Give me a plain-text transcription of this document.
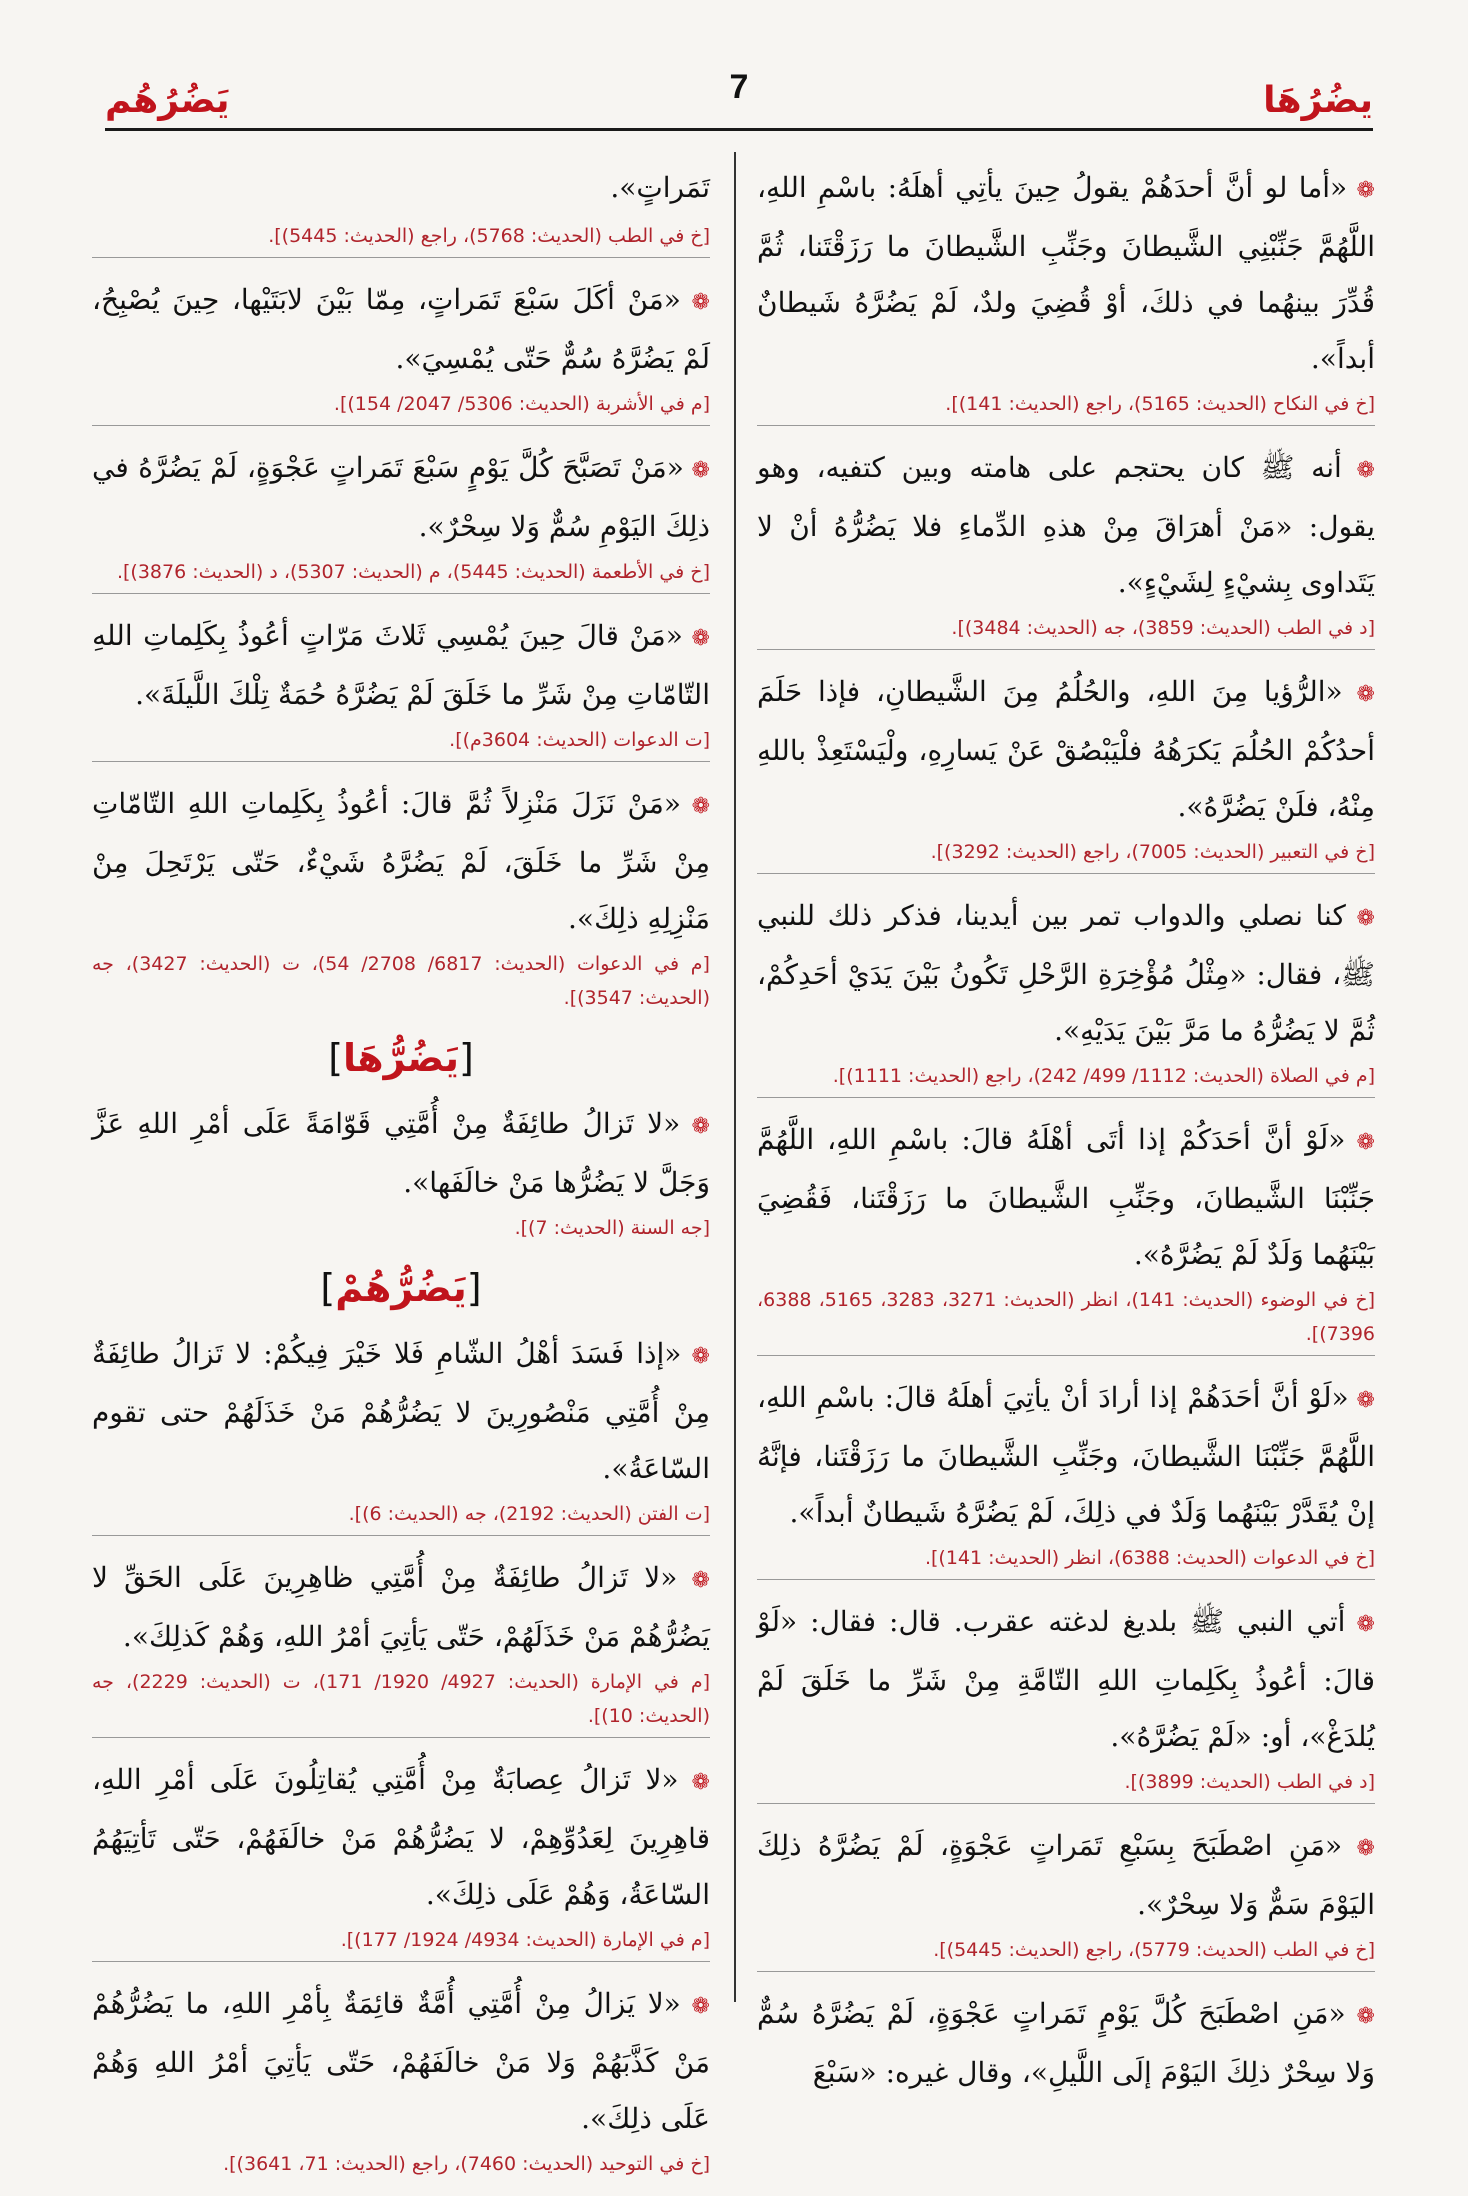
يضُرُهَا
7
يَضُرُهُم
❁ «أما لو أنَّ أحدَهُمْ يقولُ حِينَ يأتِي أهلَهُ: باسْمِ اللهِ، اللَّهُمَّ جَنِّبْنِي الشَّيطانَ وجَنِّبِ الشَّيطانَ ما رَزَقْتَنا، ثُمَّ قُدِّرَ بينهُما في ذلكَ، أوْ قُضِيَ ولدٌ، لَمْ يَضُرَّهُ شَيطانٌ أبداً».
[خ في النكاح (الحديث: 5165)، راجع (الحديث: 141)].
❁ أنه ﷺ كان يحتجم على هامته وبين كتفيه، وهو يقول: «مَنْ أهرَاقَ مِنْ هذهِ الدِّماءِ فلا يَضُرُّهُ أنْ لا يَتَداوى بِشيْءٍ لِشَيْءٍ».
[د في الطب (الحديث: 3859)، جه (الحديث: 3484)].
❁ «الرُّؤيا مِنَ اللهِ، والحُلُمُ مِنَ الشَّيطانِ، فإذا حَلَمَ أحدُكُمْ الحُلُمَ يَكرَهُهُ فلْيَبْصُقْ عَنْ يَسارِهِ، ولْيَسْتَعِذْ باللهِ مِنْهُ، فلَنْ يَضُرَّهُ».
[خ في التعبير (الحديث: 7005)، راجع (الحديث: 3292)].
❁ كنا نصلي والدواب تمر بين أيدينا، فذكر ذلك للنبي ﷺ، فقال: «مِثْلُ مُؤْخِرَةِ الرَّحْلِ تَكُونُ بَيْنَ يَدَيْ أحَدِكُمْ، ثُمَّ لا يَضُرُّهُ ما مَرَّ بَيْنَ يَدَيْهِ».
[م في الصلاة (الحديث: 1112/ 499/ 242)، راجع (الحديث: 1111)].
❁ «لَوْ أنَّ أحَدَكُمْ إذا أتَى أهْلَهُ قالَ: باسْمِ اللهِ، اللَّهُمَّ جَنِّبْنَا الشَّيطانَ، وجَنِّبِ الشَّيطانَ ما رَزَقْتَنا، فَقُضِيَ بَيْنَهُما وَلَدٌ لَمْ يَضُرَّهُ».
[خ في الوضوء (الحديث: 141)، انظر (الحديث: 3271، 3283، 5165، 6388، 7396)].
❁ «لَوْ أنَّ أحَدَهُمْ إذا أرادَ أنْ يأتِيَ أهلَهُ قالَ: باسْمِ اللهِ، اللَّهُمَّ جَنِّبْنَا الشَّيطانَ، وجَنِّبِ الشَّيطانَ ما رَزَقْتَنا، فإنَّهُ إنْ يُقَدَّرْ بَيْنَهُما وَلَدٌ في ذلِكَ، لَمْ يَضُرَّهُ شَيطانٌ أبداً».
[خ في الدعوات (الحديث: 6388)، انظر (الحديث: 141)].
❁ أتي النبي ﷺ بلديغ لدغته عقرب. قال: فقال: «لَوْ قالَ: أعُوذُ بِكَلِماتِ اللهِ التّامَّةِ مِنْ شَرِّ ما خَلَقَ لَمْ يُلدَغْ»، أو: «لَمْ يَضُرَّهُ».
[د في الطب (الحديث: 3899)].
❁ «مَنِ اصْطَبَحَ بِسَبْعِ تَمَراتٍ عَجْوَةٍ، لَمْ يَضُرَّهُ ذلِكَ اليَوْمَ سَمٌّ وَلا سِحْرٌ».
[خ في الطب (الحديث: 5779)، راجع (الحديث: 5445)].
❁ «مَنِ اصْطَبَحَ كُلَّ يَوْمٍ تَمَراتٍ عَجْوَةٍ، لَمْ يَضُرَّهُ سُمٌّ وَلا سِحْرٌ ذلِكَ اليَوْمَ إلَى اللَّيلِ»، وقال غيره: «سَبْعَ
تَمَراتٍ».
[خ في الطب (الحديث: 5768)، راجع (الحديث: 5445)].
❁ «مَنْ أكَلَ سَبْعَ تَمَراتٍ، مِمّا بَيْنَ لابَتَيْها، حِينَ يُصْبِحُ، لَمْ يَضُرَّهُ سُمٌّ حَتّى يُمْسِيَ».
[م في الأشربة (الحديث: 5306/ 2047/ 154)].
❁ «مَنْ تَصَبَّحَ كُلَّ يَوْمٍ سَبْعَ تَمَراتٍ عَجْوَةٍ، لَمْ يَضُرَّهُ في ذلِكَ اليَوْمِ سُمٌّ وَلا سِحْرٌ».
[خ في الأطعمة (الحديث: 5445)، م (الحديث: 5307)، د (الحديث: 3876)].
❁ «مَنْ قالَ حِينَ يُمْسِي ثَلاثَ مَرّاتٍ أعُوذُ بِكَلِماتِ اللهِ التّامّاتِ مِنْ شَرِّ ما خَلَقَ لَمْ يَضُرَّهُ حُمَةٌ تِلْكَ اللَّيلَةَ».
[ت الدعوات (الحديث: 3604م)].
❁ «مَنْ نَزَلَ مَنْزِلاً ثُمَّ قالَ: أعُوذُ بِكَلِماتِ اللهِ التّامّاتِ مِنْ شَرِّ ما خَلَقَ، لَمْ يَضُرَّهُ شَيْءٌ، حَتّى يَرْتَحِلَ مِنْ مَنْزِلِهِ ذلِكَ».
[م في الدعوات (الحديث: 6817/ 2708/ 54)، ت (الحديث: 3427)، جه (الحديث: 3547)].
[يَضُرُّهَا]
❁ «لا تَزالُ طائِفَةٌ مِنْ أُمَّتِي قَوّامَةً عَلَى أمْرِ اللهِ عَزَّ وَجَلَّ لا يَضُرُّها مَنْ خالَفَها».
[جه السنة (الحديث: 7)].
[يَضُرُّهُمْ]
❁ «إذا فَسَدَ أهْلُ الشّامِ فَلا خَيْرَ فِيكُمْ: لا تَزالُ طائِفَةٌ مِنْ أُمَّتِي مَنْصُورِينَ لا يَضُرُّهُمْ مَنْ خَذَلَهُمْ حتى تقوم السّاعَةُ».
[ت الفتن (الحديث: 2192)، جه (الحديث: 6)].
❁ «لا تَزالُ طائِفَةٌ مِنْ أُمَّتِي ظاهِرِينَ عَلَى الحَقِّ لا يَضُرُّهُمْ مَنْ خَذَلَهُمْ، حَتّى يَأتِيَ أمْرُ اللهِ، وَهُمْ كَذلِكَ».
[م في الإمارة (الحديث: 4927/ 1920/ 171)، ت (الحديث: 2229)، جه (الحديث: 10)].
❁ «لا تَزالُ عِصابَةٌ مِنْ أُمَّتِي يُقاتِلُونَ عَلَى أمْرِ اللهِ، قاهِرِينَ لِعَدُوِّهِمْ، لا يَضُرُّهُمْ مَنْ خالَفَهُمْ، حَتّى تَأتِيَهُمُ السّاعَةُ، وَهُمْ عَلَى ذلِكَ».
[م في الإمارة (الحديث: 4934/ 1924/ 177)].
❁ «لا يَزالُ مِنْ أُمَّتِي أُمَّةٌ قائِمَةٌ بِأمْرِ اللهِ، ما يَضُرُّهُمْ مَنْ كَذَّبَهُمْ وَلا مَنْ خالَفَهُمْ، حَتّى يَأتِيَ أمْرُ اللهِ وَهُمْ عَلَى ذلِكَ».
[خ في التوحيد (الحديث: 7460)، راجع (الحديث: 71، 3641)].
